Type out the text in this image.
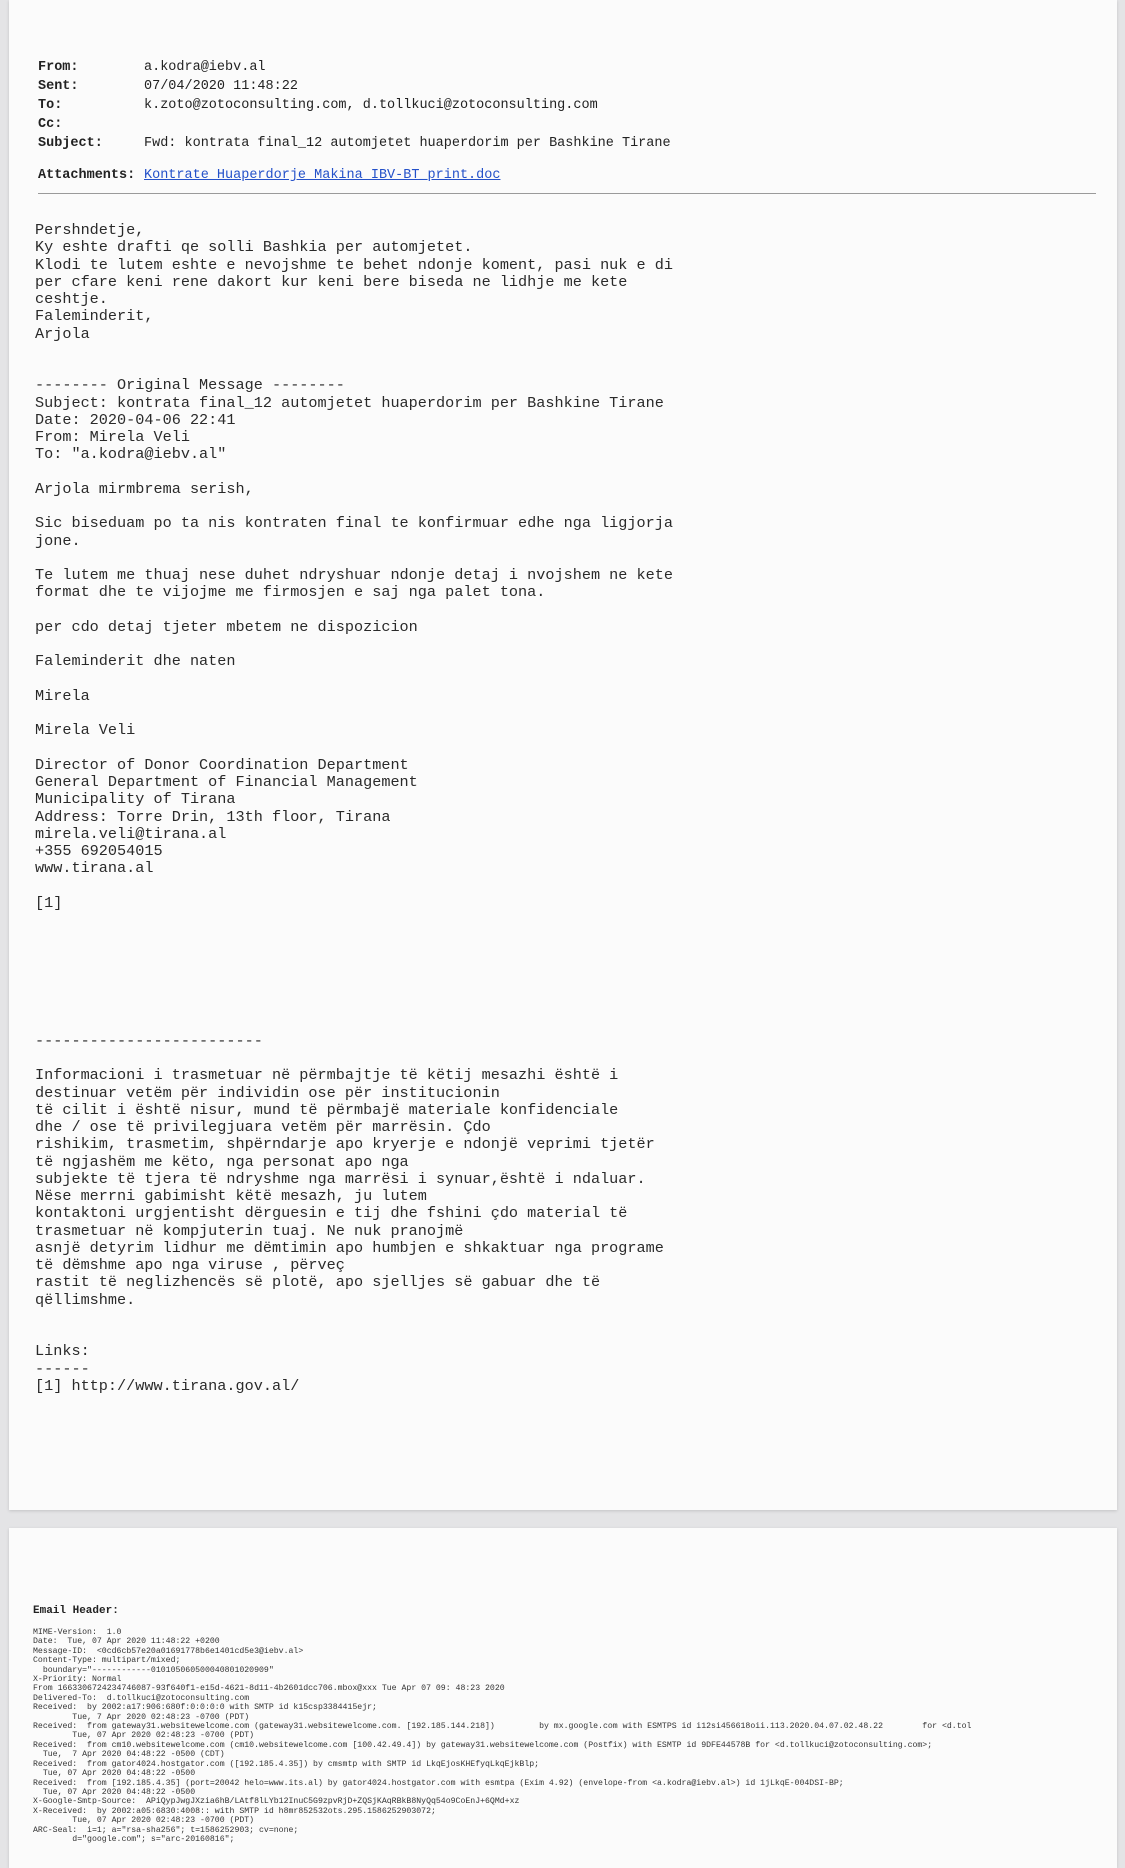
From:	a.kodra@iebv.al
Sent:	07/04/2020 11:48:22
To:	k.zoto@zotoconsulting.com, d.tollkuci@zotoconsulting.com
Cc:
Subject:	Fwd: kontrata final_12 automjetet huaperdorim per Bashkine Tirane
Attachments: Kontrate Huaperdorje Makina IBV-BT_print.doc
Pershndetje,
Ky eshte drafti qe solli Bashkia per automjetet.
Klodi te lutem eshte e nevojshme te behet ndonje koment, pasi nuk e di
per cfare keni rene dakort kur keni bere biseda ne lidhje me kete
ceshtje.
Faleminderit,
Arjola

-------- Original Message --------
Subject: kontrata final_12 automjetet huaperdorim per Bashkine Tirane
Date: 2020-04-06 22:41
From: Mirela Veli
To: "a.kodra@iebv.al"

Arjola mirmbrema serish,

Sic biseduam po ta nis kontraten final te konfirmuar edhe nga ligjorja
jone.

Te lutem me thuaj nese duhet ndryshuar ndonje detaj i nvojshem ne kete
format dhe te vijojme me firmosjen e saj nga palet tona.

per cdo detaj tjeter mbetem ne dispozicion

Faleminderit dhe naten

Mirela

Mirela Veli

Director of Donor Coordination Department
General Department of Financial Management
Municipality of Tirana
Address: Torre Drin, 13th floor, Tirana
mirela.veli@tirana.al
+355 692054015
www.tirana.al

[1]

-------------------------

Informacioni i trasmetuar në përmbajtje të këtij mesazhi është i
destinuar vetëm për individin ose për institucionin
të cilit i është nisur, mund të përmbajë materiale konfidenciale
dhe / ose të privilegjuara vetëm për marrësin. Çdo
rishikim, trasmetim, shpërndarje apo kryerje e ndonjë veprimi tjetër
të ngjashëm me këto, nga personat apo nga
subjekte të tjera të ndryshme nga marrësi i synuar,është i ndaluar.
Nëse merrni gabimisht këtë mesazh, ju lutem
kontaktoni urgjentisht dërguesin e tij dhe fshini çdo material të
trasmetuar në kompjuterin tuaj. Ne nuk pranojmë
asnjë detyrim lidhur me dëmtimin apo humbjen e shkaktuar nga programe
të dëmshme apo nga viruse , përveç
rastit të neglizhencës së plotë, apo sjelljes së gabuar dhe të
qëllimshme.

Links:
------
[1] http://www.tirana.gov.al/
Email Header:
MIME-Version:  1.0
Date:  Tue, 07 Apr 2020 11:48:22 +0200
Message-ID:  <0cd6cb57e20a01691778b6e1401cd5e3@iebv.al>
Content-Type: multipart/mixed;
boundary="------------010105060500040801020909"
X-Priority: Normal
From 1663306724234746087-93f640f1-e15d-4621-8d11-4b2601dcc706.mbox@xxx Tue Apr 07 09: 48:23 2020
Delivered-To:  d.tollkuci@zotoconsulting.com
Received:  by 2002:a17:906:680f:0:0:0:0 with SMTP id k15csp3384415ejr;
Tue, 7 Apr 2020 02:48:23 -0700 (PDT)
Received:  from gateway31.websitewelcome.com (gateway31.websitewelcome.com. [192.185.144.218])         by mx.google.com with ESMTPS id i12si456618oii.113.2020.04.07.02.48.22        for <d.tol
Tue, 07 Apr 2020 02:48:23 -0700 (PDT)
Received:  from cm10.websitewelcome.com (cm10.websitewelcome.com [100.42.49.4]) by gateway31.websitewelcome.com (Postfix) with ESMTP id 9DFE44578B for <d.tollkuci@zotoconsulting.com>;
Tue,  7 Apr 2020 04:48:22 -0500 (CDT)
Received:  from gator4024.hostgator.com ([192.185.4.35]) by cmsmtp with SMTP id LkqEjosKHEfyqLkqEjkBlp;
Tue, 07 Apr 2020 04:48:22 -0500
Received:  from [192.185.4.35] (port=20042 helo=www.its.al) by gator4024.hostgator.com with esmtpa (Exim 4.92) (envelope-from <a.kodra@iebv.al>) id 1jLkqE-004DSI-BP;
Tue, 07 Apr 2020 04:48:22 -0500
X-Google-Smtp-Source:  APiQypJwgJXzia6hB/LAtf8lLYb12InuC5G9zpvRjD+ZQSjKAqRBkB8NyQq54o9CoEnJ+6QMd+xz
X-Received:  by 2002:a05:6830:4008:: with SMTP id h8mr852532ots.295.1586252903072;
Tue, 07 Apr 2020 02:48:23 -0700 (PDT)
ARC-Seal:  i=1; a="rsa-sha256"; t=1586252903; cv=none;
d="google.com"; s="arc-20160816";
